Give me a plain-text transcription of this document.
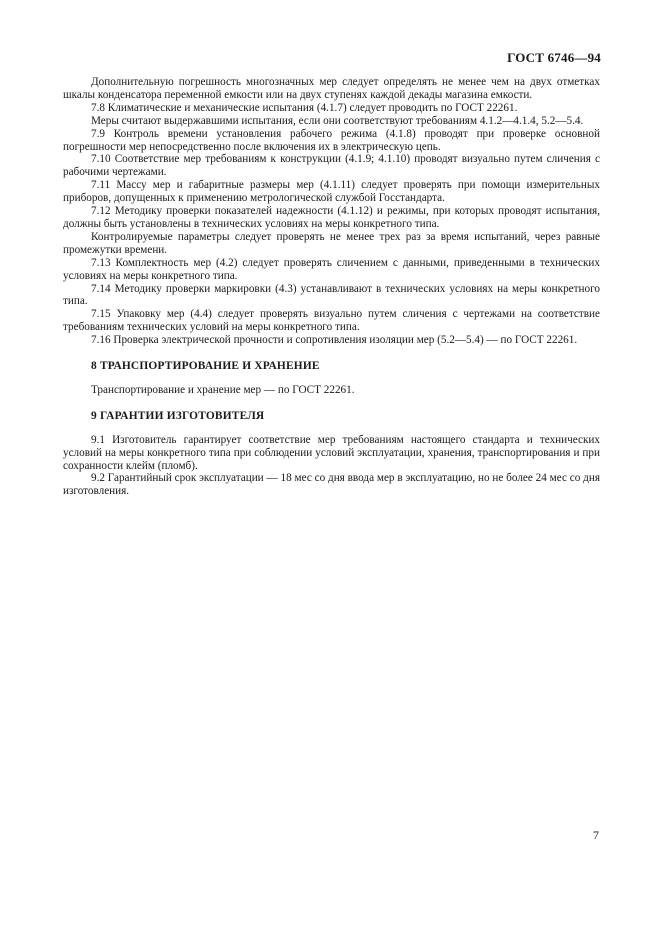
ГОСТ 6746—94

Дополнительную погрешность многозначных мер следует определять не менее чем на двух отметках шкалы конденсатора переменной емкости или на двух ступенях каждой декады магазина емкости.

7.8 Климатические и механические испытания (4.1.7) следует проводить по ГОСТ 22261.

Меры считают выдержавшими испытания, если они соответствуют требованиям 4.1.2—4.1.4, 5.2—5.4.

7.9 Контроль времени установления рабочего режима (4.1.8) проводят при проверке основной погрешности мер непосредственно после включения их в электрическую цепь.

7.10 Соответствие мер требованиям к конструкции (4.1.9; 4.1.10) проводят визуально путем сличения с рабочими чертежами.

7.11 Массу мер и габаритные размеры мер (4.1.11) следует проверять при помощи измерительных приборов, допущенных к применению метрологической службой Госстандарта.

7.12 Методику проверки показателей надежности (4.1.12) и режимы, при которых проводят испытания, должны быть установлены в технических условиях на меры конкретного типа.

Контролируемые параметры следует проверять не менее трех раз за время испытаний, через равные промежутки времени.

7.13 Комплектность мер (4.2) следует проверять сличением с данными, приведенными в технических условиях на меры конкретного типа.

7.14 Методику проверки маркировки (4.3) устанавливают в технических условиях на меры конкретного типа.

7.15 Упаковку мер (4.4) следует проверять визуально путем сличения с чертежами на соответствие требованиям технических условий на меры конкретного типа.

7.16 Проверка электрической прочности и сопротивления изоляции мер (5.2—5.4) — по ГОСТ 22261.

8 ТРАНСПОРТИРОВАНИЕ И ХРАНЕНИЕ

Транспортирование и хранение мер — по ГОСТ 22261.

9 ГАРАНТИИ ИЗГОТОВИТЕЛЯ

9.1 Изготовитель гарантирует соответствие мер требованиям настоящего стандарта и технических условий на меры конкретного типа при соблюдении условий эксплуатации, хранения, транспортирования и при сохранности клейм (пломб).

9.2 Гарантийный срок эксплуатации — 18 мес со дня ввода мер в эксплуатацию, но не более 24 мес со дня изготовления.

7
